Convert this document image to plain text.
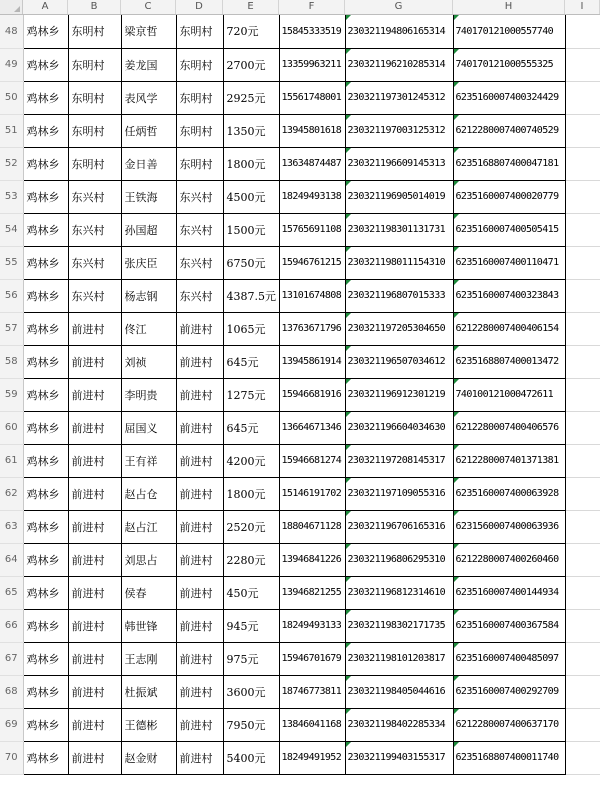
A	B	C	D	E	F	G	H	I
48	鸡林乡	东明村	梁京哲	东明村	720元	15845333519	230321194806165314	7401701210005577​40	
49	鸡林乡	东明村	姜龙国	东明村	2700元	13359963211	230321196210285314	740170121000555325	
50	鸡林乡	东明村	表风学	东明村	2925元	15561748001	230321197301245312	6235160007400324429	
51	鸡林乡	东明村	任炳哲	东明村	1350元	13945801618	230321197003125312	6212280007400740529	
52	鸡林乡	东明村	金日善	东明村	1800元	13634874487	230321196609145313	6235168807400047181	
53	鸡林乡	东兴村	王铁海	东兴村	4500元	18249493138	230321196905014019	6235160007400020779	
54	鸡林乡	东兴村	孙国超	东兴村	1500元	15765691108	230321198301131731	6235160007400505415	
55	鸡林乡	东兴村	张庆臣	东兴村	6750元	15946761215	230321198011154310	6235160007400110471	
56	鸡林乡	东兴村	杨志钢	东兴村	4387.5元	13101674808	230321196807015333	6235160007400323843	
57	鸡林乡	前进村	佟江	前进村	1065元	13763671796	230321197205304650	6212280007400406154	
58	鸡林乡	前进村	刘祯	前进村	645元	13945861914	230321196507034612	6235168807400013472	
59	鸡林乡	前进村	李明贵	前进村	1275元	15946681916	230321196912301219	740100121000472611	
60	鸡林乡	前进村	屈国义	前进村	645元	13664671346	230321196604034630	6212280007400406576	
61	鸡林乡	前进村	王有祥	前进村	4200元	15946681274	230321197208145317	6212280007401371381	
62	鸡林乡	前进村	赵占仓	前进村	1800元	15146191702	230321197109055316	6235160007400063928	
63	鸡林乡	前进村	赵占江	前进村	2520元	18804671128	230321196706165316	6231560007400063936	
64	鸡林乡	前进村	刘思占	前进村	2280元	13946841226	230321196806295310	6212280007400260460	
65	鸡林乡	前进村	侯春	前进村	450元	13946821255	230321196812314610	6235160007400144934	
66	鸡林乡	前进村	韩世锋	前进村	945元	18249493133	230321198302171735	6235160007400367584	
67	鸡林乡	前进村	王志刚	前进村	975元	15946701679	230321198101203817	6235160007400485097	
68	鸡林乡	前进村	杜振斌	前进村	3600元	18746773811	230321198405044616	6235160007400292709	
69	鸡林乡	前进村	王德彬	前进村	7950元	13846041168	230321198402285334	6212280007400637170	
70	鸡林乡	前进村	赵金财	前进村	5400元	18249491952	230321199403155317	6235168807400011740	
